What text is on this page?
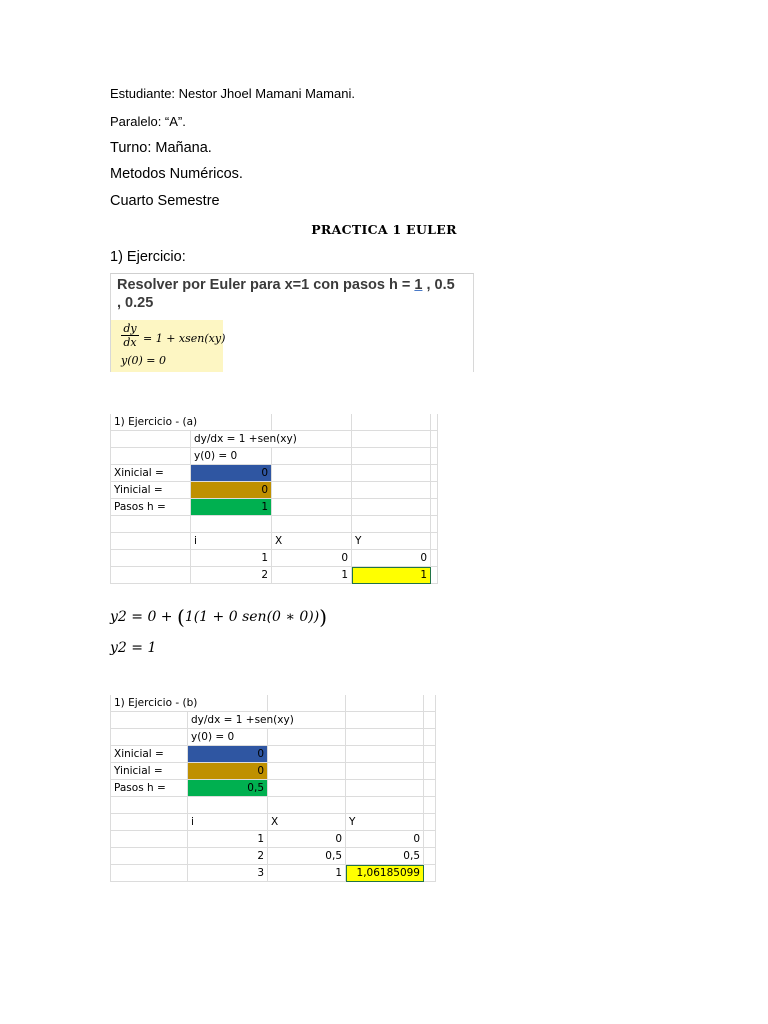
Estudiante: Nestor Jhoel Mamani Mamani.
Paralelo: “A”.
Turno: Mañana.
Metodos Numéricos.
Cuarto Semestre
PRACTICA 1 EULER
1) Ejercicio:
Resolver por Euler para x=1 con pasos h = 1 , 0.5 , 0.25
$\frac{dy}{dx} = 1$ + xsen(xy)
y(0) = 0
1) Ejercicio - (a)				
	dy/dx = 1 +sen(xy)			
	y(0) = 0			
Xinicial =	0			
Yinicial =	0			
Pasos h =	1			

	i	X	Y	
	1	0	0	
	2	1	1	
y2 = 0 + (1(1 + 0 sen(0 ∗ 0)))
y2 = 1
1) Ejercicio - (b)				
	dy/dx = 1 +sen(xy)			
	y(0) = 0			
Xinicial =	0			
Yinicial =	0			
Pasos h =	0,5			

	i	X	Y	
	1	0	0	
	2	0,5	0,5	
	3	1	1,06185099	
